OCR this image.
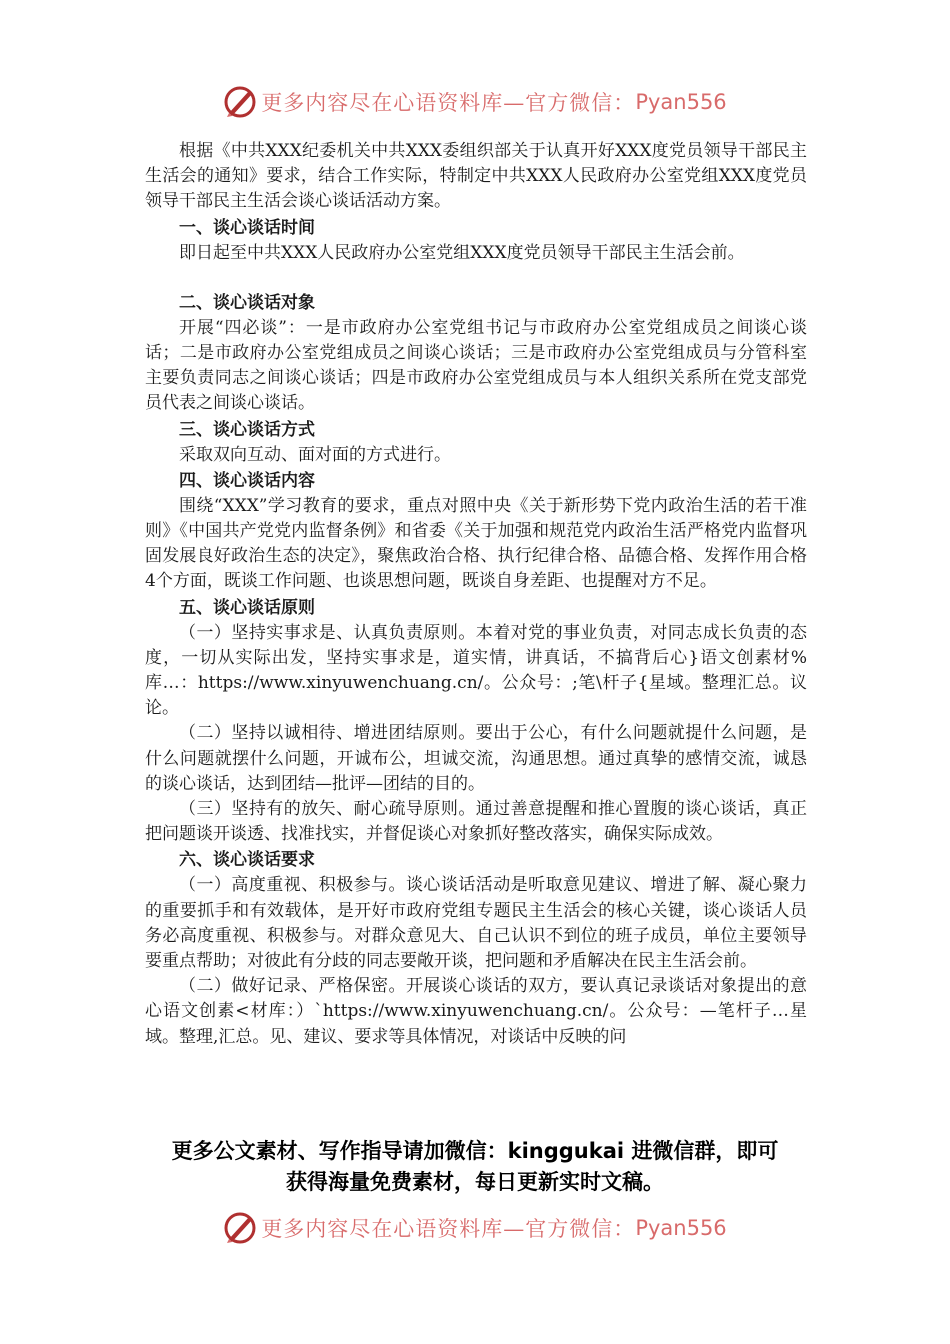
更多内容尽在心语资料库—官方微信： Pyan556

根据《中共XXX纪委机关中共XXX委组织部关于认真开好XXX度党员领导干部民主生活会的通知》要求，结合工作实际，特制定中共XXX人民政府办公室党组XXX度党员领导干部民主生活会谈心谈话活动方案。

一、谈心谈话时间

即日起至中共XXX人民政府办公室党组XXX度党员领导干部民主生活会前。

二、谈心谈话对象

开展“四必谈”：一是市政府办公室党组书记与市政府办公室党组成员之间谈心谈话；二是市政府办公室党组成员之间谈心谈话；三是市政府办公室党组成员与分管科室主要负责同志之间谈心谈话；四是市政府办公室党组成员与本人组织关系所在党支部党员代表之间谈心谈话。

三、谈心谈话方式

采取双向互动、面对面的方式进行。

四、谈心谈话内容

围绕“XXX”学习教育的要求，重点对照中央《关于新形势下党内政治生活的若干准则》《中国共产党党内监督条例》和省委《关于加强和规范党内政治生活严格党内监督巩固发展良好政治生态的决定》，聚焦政治合格、执行纪律合格、品德合格、发挥作用合格4个方面，既谈工作问题、也谈思想问题，既谈自身差距、也提醒对方不足。

五、谈心谈话原则

（一）坚持实事求是、认真负责原则。本着对党的事业负责，对同志成长负责的态度，一切从实际出发，坚持实事求是，道实情，讲真话，不搞背后心}语文创素材%库…：https://www.xinyuwenchuang.cn/。公众号：;笔\杆子{星域。整理汇总。议论。

（二）坚持以诚相待、增进团结原则。要出于公心，有什么问题就提什么问题，是什么问题就摆什么问题，开诚布公，坦诚交流，沟通思想。通过真挚的感情交流，诚恳的谈心谈话，达到团结—批评—团结的目的。

（三）坚持有的放矢、耐心疏导原则。通过善意提醒和推心置腹的谈心谈话，真正把问题谈开谈透、找准找实，并督促谈心对象抓好整改落实，确保实际成效。

六、谈心谈话要求

（一）高度重视、积极参与。谈心谈话活动是听取意见建议、增进了解、凝心聚力的重要抓手和有效载体，是开好市政府党组专题民主生活会的核心关键，谈心谈话人员务必高度重视、积极参与。对群众意见大、自己认识不到位的班子成员，单位主要领导要重点帮助；对彼此有分歧的同志要敞开谈，把问题和矛盾解决在民主生活会前。

（二）做好记录、严格保密。开展谈心谈话的双方，要认真记录谈话对象提出的意心语文创素<材库：）`https://www.xinyuwenchuang.cn/。公众号：—笔杆子…星域。整理,汇总。见、建议、要求等具体情况，对谈话中反映的问

更多公文素材、写作指导请加微信：kinggukai 进微信群，即可
获得海量免费素材，每日更新实时文稿。
更多内容尽在心语资料库—官方微信： Pyan556
